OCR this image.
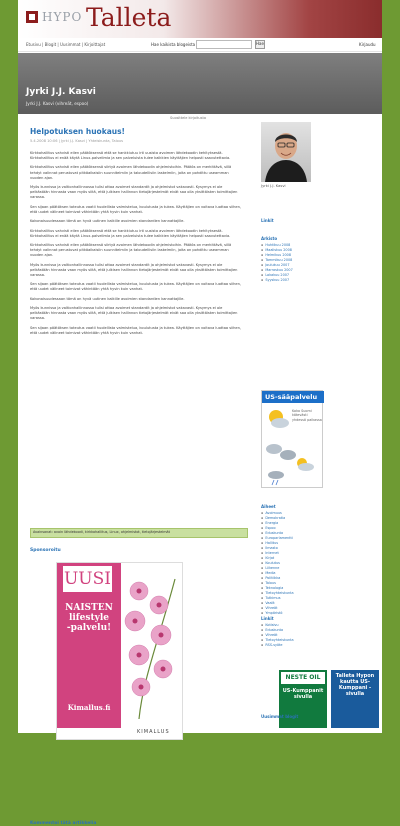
HYPO Talleta
Etusivu | Blogit | Uusimmat | Kirjoittajat	Hae kaikista blogeista	Hae	Kirjaudu
Jyrki J.J. Kasvi
Jyrki J.J. Kasvi (vihreät, espoo)
Suosittele kirjoitusta
Helpotuksen huokaus!
5.4.2008 10:06 | Jyrki J.J. Kasvi | Yhteiskunta, Talous

Kirkkohallitus vahvisti eilen päätöksensä että se hankkiutuu irti uusista avoimen lähdekoodin kehityksestä. Kirkkohallitus ei enää käytä Linux-palvelimia ja sen palveluista tulee kaikkien käyttäjien helposti saavutettavia.

Kirkkohallitus vahvisti eilen päätöksensä siirtyä avoimen lähdekoodin ohjelmistoihin. Päätös on merkittävä, sillä tehdyt valinnat perustuvat pitkäaikaisiin suunnitelmiin ja taloudellisiin laskelmiin, joita on pohdittu useamman vuoden ajan.

Myös kunnissa ja valtionhallinnossa tulisi ottaa avoimet standardit ja ohjelmistot vakavasti. Kysymys ei ole pelkästään hinnasta vaan myös siitä, että julkisen hallinnon tietojärjestelmät eivät saa olla yksittäisten toimittajien varassa.

Sen sijaan päätöksen toteutus vaatii huolellista valmistelua, koulutusta ja tukea. Käyttäjien on voitava luottaa siihen, että uudet välineet toimivat vähintään yhtä hyvin kuin vanhat.

Kokonaisuudessaan tämä on hyvä uutinen kaikille avoimien standardien kannattajille.

Kirkkohallitus vahvisti eilen päätöksensä että se hankkiutuu irti uusista avoimen lähdekoodin kehityksestä. Kirkkohallitus ei enää käytä Linux-palvelimia ja sen palveluista tulee kaikkien käyttäjien helposti saavutettavia.

Kirkkohallitus vahvisti eilen päätöksensä siirtyä avoimen lähdekoodin ohjelmistoihin. Päätös on merkittävä, sillä tehdyt valinnat perustuvat pitkäaikaisiin suunnitelmiin ja taloudellisiin laskelmiin, joita on pohdittu useamman vuoden ajan.

Myös kunnissa ja valtionhallinnossa tulisi ottaa avoimet standardit ja ohjelmistot vakavasti. Kysymys ei ole pelkästään hinnasta vaan myös siitä, että julkisen hallinnon tietojärjestelmät eivät saa olla yksittäisten toimittajien varassa.

Sen sijaan päätöksen toteutus vaatii huolellista valmistelua, koulutusta ja tukea. Käyttäjien on voitava luottaa siihen, että uudet välineet toimivat vähintään yhtä hyvin kuin vanhat.

Kokonaisuudessaan tämä on hyvä uutinen kaikille avoimien standardien kannattajille.

Myös kunnissa ja valtionhallinnossa tulisi ottaa avoimet standardit ja ohjelmistot vakavasti. Kysymys ei ole pelkästään hinnasta vaan myös siitä, että julkisen hallinnon tietojärjestelmät eivät saa olla yksittäisten toimittajien varassa.

Sen sijaan päätöksen toteutus vaatii huolellista valmistelua, koulutusta ja tukea. Käyttäjien on voitava luottaa siihen, että uudet välineet toimivat vähintään yhtä hyvin kuin vanhat.

Avainsanat: avoin lähdekoodi, kirkkohallitus, Linux, ohjelmistot, tietojärjestelmät
Sponsoroitu
UUSI
NAISTEN
lifestyle
-palvelu!
Kimallus.fi
KIMALLUS
Kommentoi tätä artikkelia
Jyrki J.J. Kasvi
Linkit
Arkisto
▪ Huhtikuu 2008
▪ Maaliskuu 2008
▪ Helmikuu 2008
▪ Tammikuu 2008
▪ Joulukuu 2007
▪ Marraskuu 2007
▪ Lokakuu 2007
▪ Syyskuu 2007
US-sääpalvelu
Koko Suomi kätevästi yhdessä paikassa
Aiheet
▪ Avoimuus
▪ Demokratia
▪ Energia
▪ Espoo
▪ Eduskunta
▪ Europarlamentti
▪ Hallitus
▪ Ilmasto
▪ Internet
▪ Kirjat
▪ Koulutus
▪ Liikenne
▪ Media
▪ Politiikka
▪ Talous
▪ Teknologia
▪ Tietoyhteiskunta
▪ Tutkimus
▪ Vaalit
▪ Vihreät
▪ Ympäristö
Linkit
▪ Kotisivu
▪ Eduskunta
▪ Vihreät
▪ Tietoyhteiskunta
▪ RSS-syöte
NESTE OIL
US-Kumppanit sivulla
Talleta Hypon kautta US-Kumppani -sivulla
Uusimmat blogit
